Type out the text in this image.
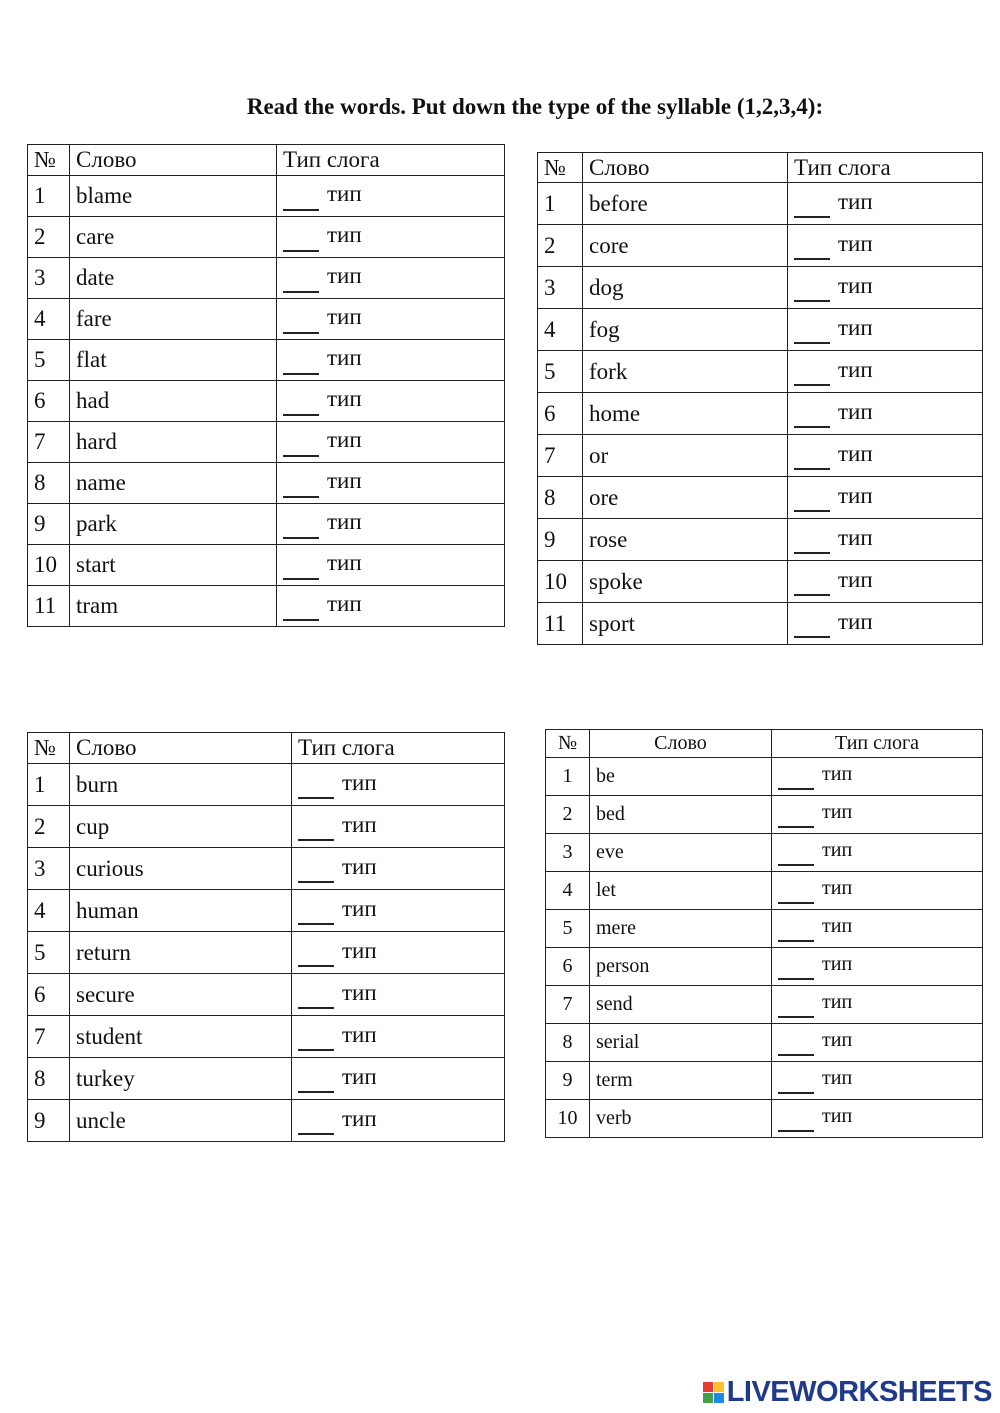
Read the words. Put down the type of the syllable (1,2,3,4):
№	Слово	Тип слога
1	blame	тип
2	care	тип
3	date	тип
4	fare	тип
5	flat	тип
6	had	тип
7	hard	тип
8	name	тип
9	park	тип
10	start	тип
11	tram	тип
№	Слово	Тип слога
1	before	тип
2	core	тип
3	dog	тип
4	fog	тип
5	fork	тип
6	home	тип
7	or	тип
8	ore	тип
9	rose	тип
10	spoke	тип
11	sport	тип
№	Слово	Тип слога
1	burn	тип
2	cup	тип
3	curious	тип
4	human	тип
5	return	тип
6	secure	тип
7	student	тип
8	turkey	тип
9	uncle	тип
№	Слово	Тип слога
1	be	тип
2	bed	тип
3	eve	тип
4	let	тип
5	mere	тип
6	person	тип
7	send	тип
8	serial	тип
9	term	тип
10	verb	тип
LIVEWORKSHEETS
